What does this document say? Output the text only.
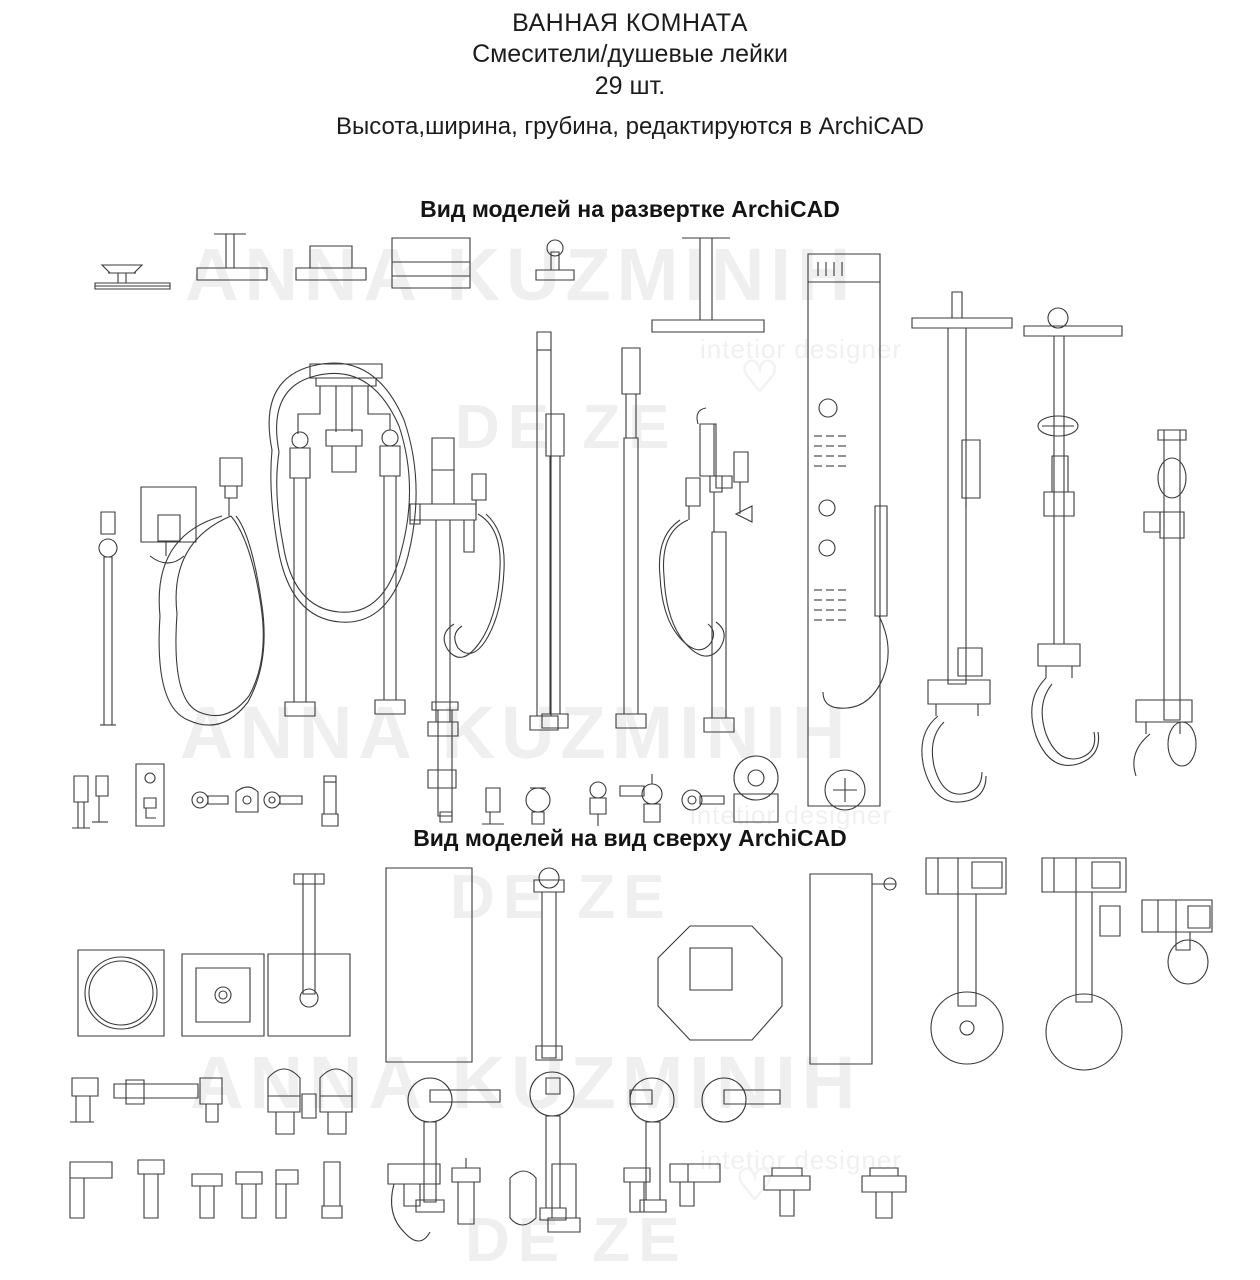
ВАННАЯ КОМНАТА
Смесители/душевые лейки
29 шт.
Высота,ширина, грубина, редактируются в ArchiCAD
Вид моделей на развертке ArchiCAD
Вид моделей на вид сверху ArchiCAD
ANNA KUZMINIH
intetior designer
♡
DE ZE
ANNA KUZMINIH
intetior designer
DE ZE
ANNA KUZMINIH
intetior designer
♡
DE ZE
